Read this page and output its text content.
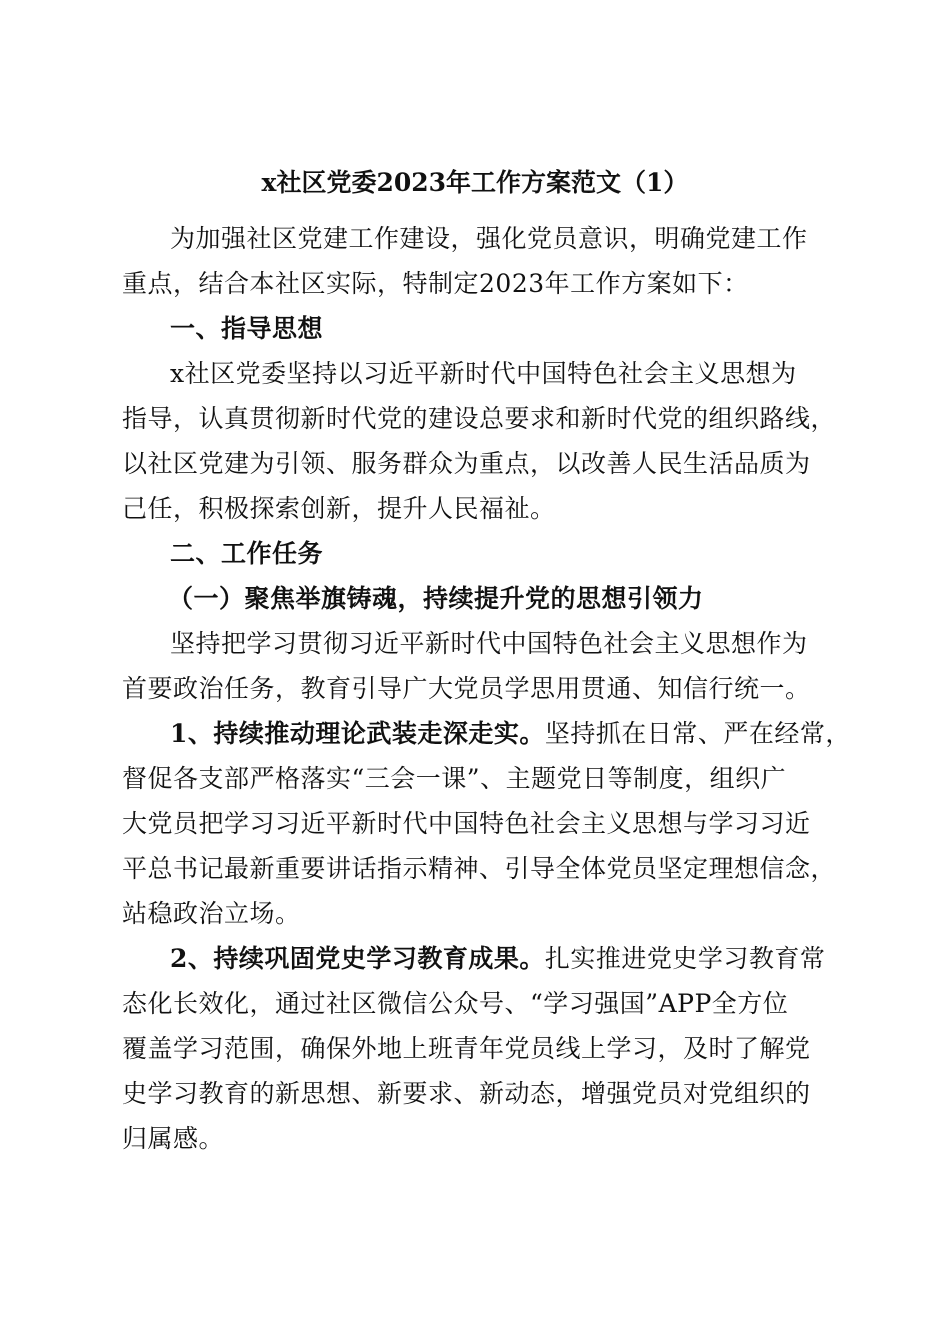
x社区党委2023年工作方案范文（1）
为加强社区党建工作建设，强化党员意识，明确党建工作
重点，结合本社区实际，特制定2023年工作方案如下：
一、指导思想
x社区党委坚持以习近平新时代中国特色社会主义思想为
指导，认真贯彻新时代党的建设总要求和新时代党的组织路线，
以社区党建为引领、服务群众为重点，以改善人民生活品质为
己任，积极探索创新，提升人民福祉。
二、工作任务
（一）聚焦举旗铸魂，持续提升党的思想引领力
坚持把学习贯彻习近平新时代中国特色社会主义思想作为
首要政治任务，教育引导广大党员学思用贯通、知信行统一。
1、持续推动理论武装走深走实。坚持抓在日常、严在经常，
督促各支部严格落实“三会一课”、主题党日等制度，组织广
大党员把学习习近平新时代中国特色社会主义思想与学习习近
平总书记最新重要讲话指示精神、引导全体党员坚定理想信念，
站稳政治立场。
2、持续巩固党史学习教育成果。扎实推进党史学习教育常
态化长效化，通过社区微信公众号、“学习强国”APP全方位
覆盖学习范围，确保外地上班青年党员线上学习，及时了解党
史学习教育的新思想、新要求、新动态，增强党员对党组织的
归属感。
